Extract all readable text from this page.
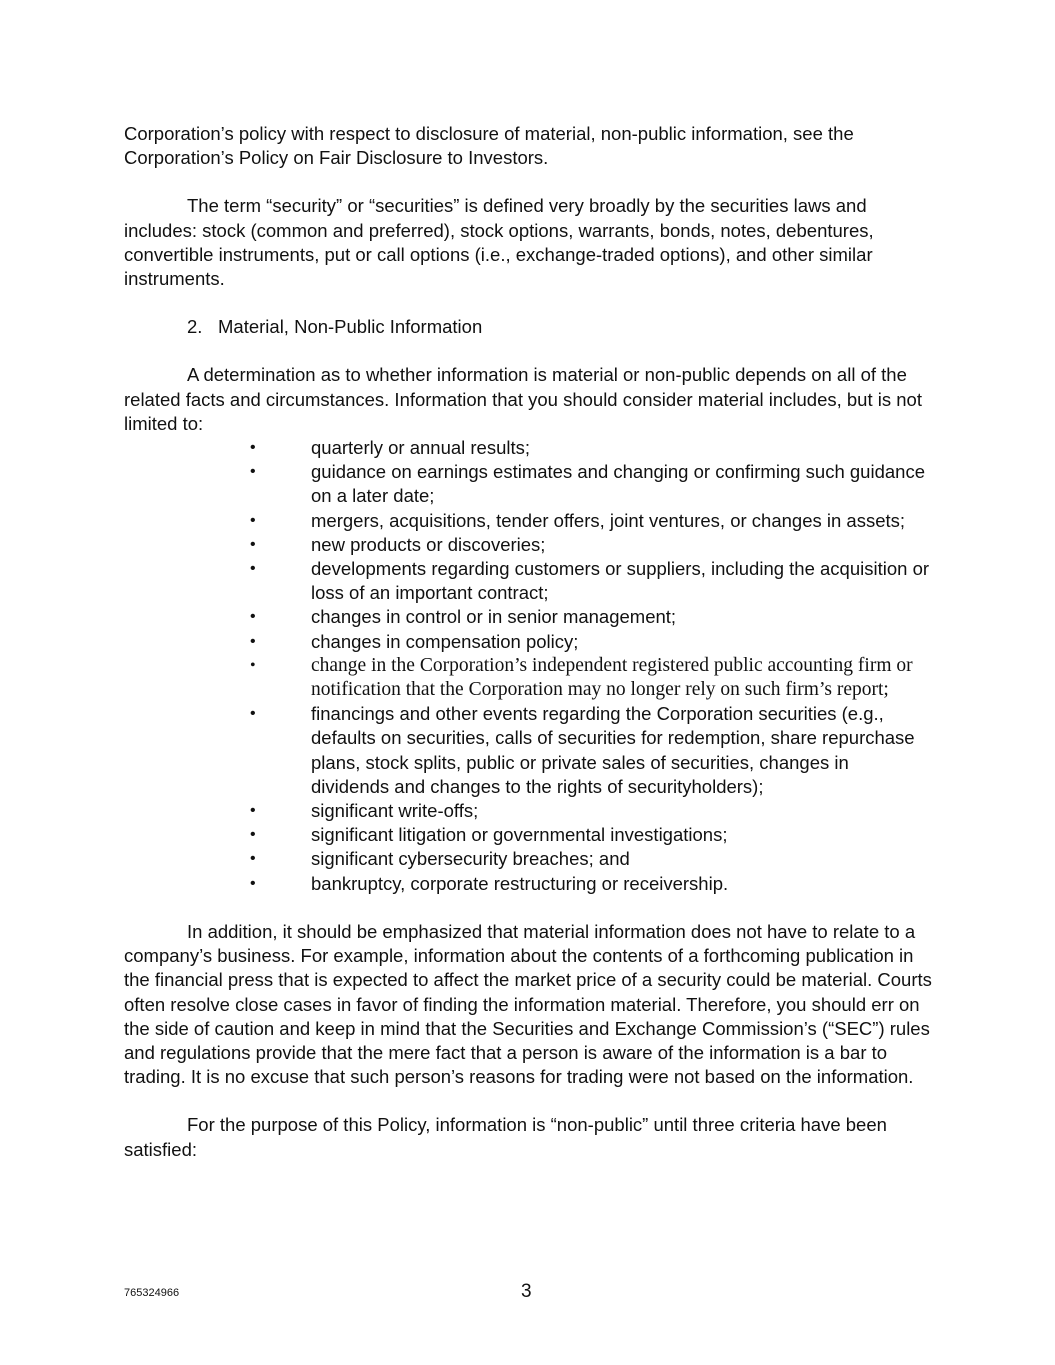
Corporation’s policy with respect to disclosure of material, non-public information, see the Corporation’s Policy on Fair Disclosure to Investors.

The term “security” or “securities” is defined very broadly by the securities laws and includes: stock (common and preferred), stock options, warrants, bonds, notes, debentures, convertible instruments, put or call options (i.e., exchange-traded options), and other similar instruments.

2. Material, Non-Public Information

A determination as to whether information is material or non-public depends on all of the related facts and circumstances. Information that you should consider material includes, but is not limited to:

•	quarterly or annual results;
•	guidance on earnings estimates and changing or confirming such guidance on a later date;
•	mergers, acquisitions, tender offers, joint ventures, or changes in assets;
•	new products or discoveries;
•	developments regarding customers or suppliers, including the acquisition or loss of an important contract;
•	changes in control or in senior management;
•	changes in compensation policy;
•	change in the Corporation’s independent registered public accounting firm or notification that the Corporation may no longer rely on such firm’s report;
•	financings and other events regarding the Corporation securities (e.g., defaults on securities, calls of securities for redemption, share repurchase plans, stock splits, public or private sales of securities, changes in dividends and changes to the rights of securityholders);
•	significant write-offs;
•	significant litigation or governmental investigations;
•	significant cybersecurity breaches; and
•	bankruptcy, corporate restructuring or receivership.

In addition, it should be emphasized that material information does not have to relate to a company’s business. For example, information about the contents of a forthcoming publication in the financial press that is expected to affect the market price of a security could be material. Courts often resolve close cases in favor of finding the information material. Therefore, you should err on the side of caution and keep in mind that the Securities and Exchange Commission’s (“SEC”) rules and regulations provide that the mere fact that a person is aware of the information is a bar to trading. It is no excuse that such person’s reasons for trading were not based on the information.

For the purpose of this Policy, information is “non-public” until three criteria have been satisfied:

765324966	3
